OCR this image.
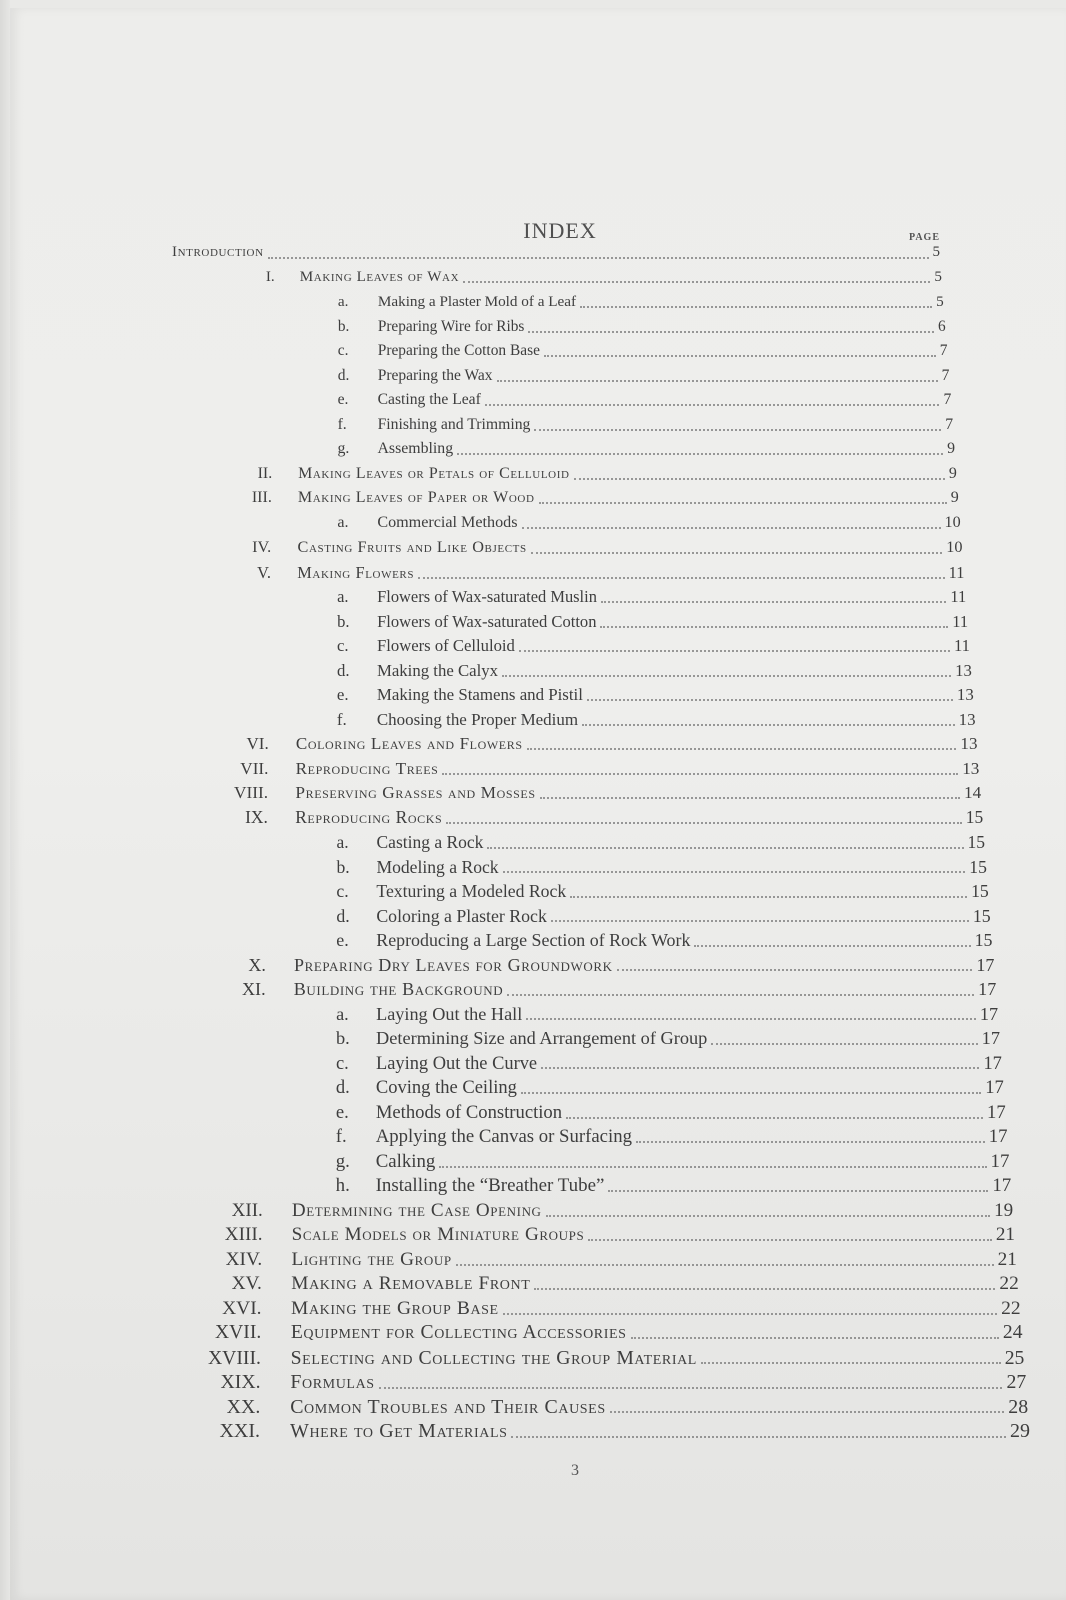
INDEX	PAGE
Introduction	5
I. Making Leaves of Wax	5
a.	Making a Plaster Mold of a Leaf	5
b.	Preparing Wire for Ribs	6
c.	Preparing the Cotton Base	7
d.	Preparing the Wax	7
e.	Casting the Leaf	7
f.	Finishing and Trimming	7
g.	Assembling	9
II. Making Leaves or Petals of Celluloid	9
III. Making Leaves of Paper or Wood	9
a.	Commercial Methods	10
IV. Casting Fruits and Like Objects	10
V. Making Flowers	11
a.	Flowers of Wax-saturated Muslin	11
b.	Flowers of Wax-saturated Cotton	11
c.	Flowers of Celluloid	11
d.	Making the Calyx	13
e.	Making the Stamens and Pistil	13
f.	Choosing the Proper Medium	13
VI. Coloring Leaves and Flowers	13
VII. Reproducing Trees	13
VIII. Preserving Grasses and Mosses	14
IX. Reproducing Rocks	15
a.	Casting a Rock	15
b.	Modeling a Rock	15
c.	Texturing a Modeled Rock	15
d.	Coloring a Plaster Rock	15
e.	Reproducing a Large Section of Rock Work	15
X. Preparing Dry Leaves for Groundwork	17
XI. Building the Background	17
a.	Laying Out the Hall	17
b.	Determining Size and Arrangement of Group	17
c.	Laying Out the Curve	17
d.	Coving the Ceiling	17
e.	Methods of Construction	17
f.	Applying the Canvas or Surfacing	17
g.	Calking	17
h.	Installing the “Breather Tube”	17
XII. Determining the Case Opening	19
XIII. Scale Models or Miniature Groups	21
XIV. Lighting the Group	21
XV. Making a Removable Front	22
XVI. Making the Group Base	22
XVII. Equipment for Collecting Accessories	24
XVIII. Selecting and Collecting the Group Material	25
XIX. Formulas	27
XX. Common Troubles and Their Causes	28
XXI. Where to Get Materials	29
3
